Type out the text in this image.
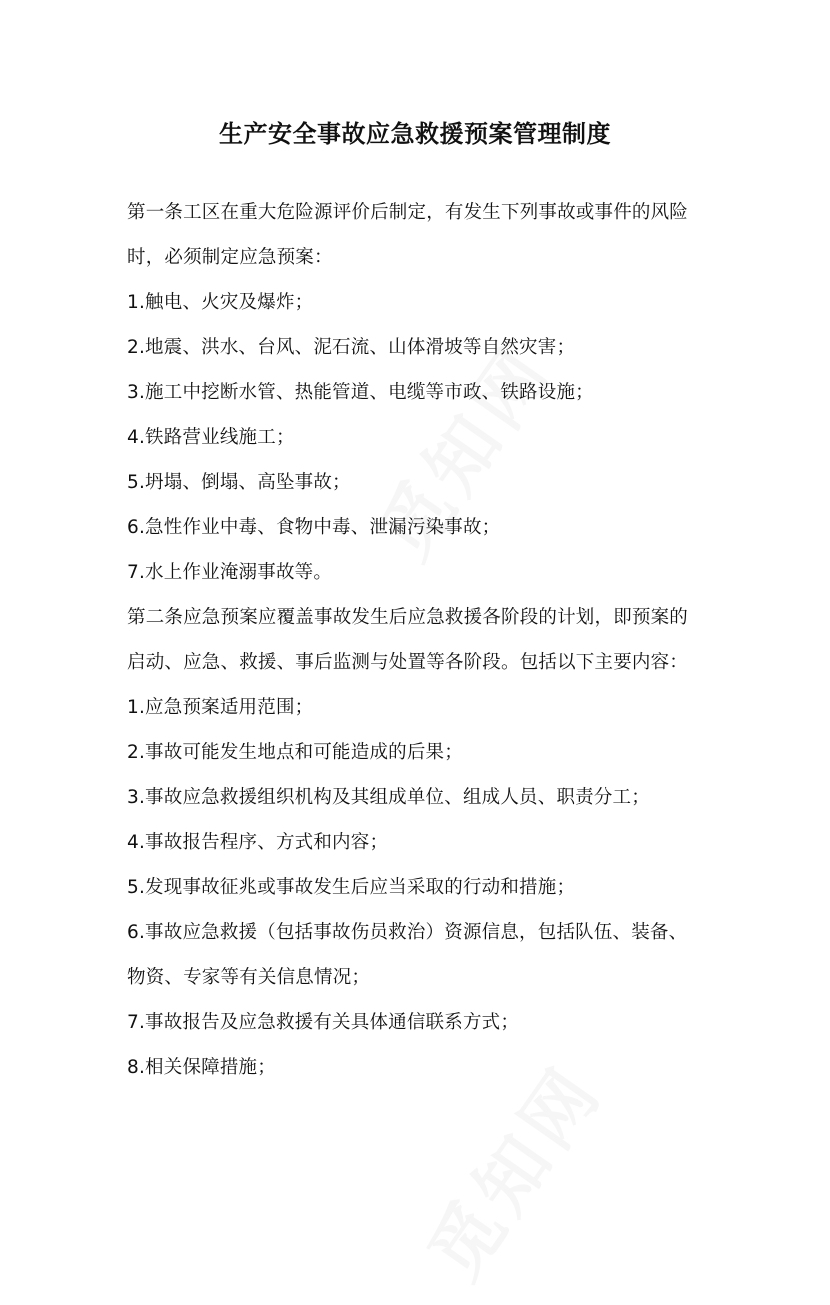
生产安全事故应急救援预案管理制度
第一条工区在重大危险源评价后制定，有发生下列事故或事件的风险
时，必须制定应急预案：
1.触电、火灾及爆炸；
2.地震、洪水、台风、泥石流、山体滑坡等自然灾害；
3.施工中挖断水管、热能管道、电缆等市政、铁路设施；
4.铁路营业线施工；
5.坍塌、倒塌、高坠事故；
6.急性作业中毒、食物中毒、泄漏污染事故；
7.水上作业淹溺事故等。
第二条应急预案应覆盖事故发生后应急救援各阶段的计划，即预案的
启动、应急、救援、事后监测与处置等各阶段。包括以下主要内容：
1.应急预案适用范围；
2.事故可能发生地点和可能造成的后果；
3.事故应急救援组织机构及其组成单位、组成人员、职责分工；
4.事故报告程序、方式和内容；
5.发现事故征兆或事故发生后应当采取的行动和措施；
6.事故应急救援（包括事故伤员救治）资源信息，包括队伍、装备、
物资、专家等有关信息情况；
7.事故报告及应急救援有关具体通信联系方式；
8.相关保障措施；
